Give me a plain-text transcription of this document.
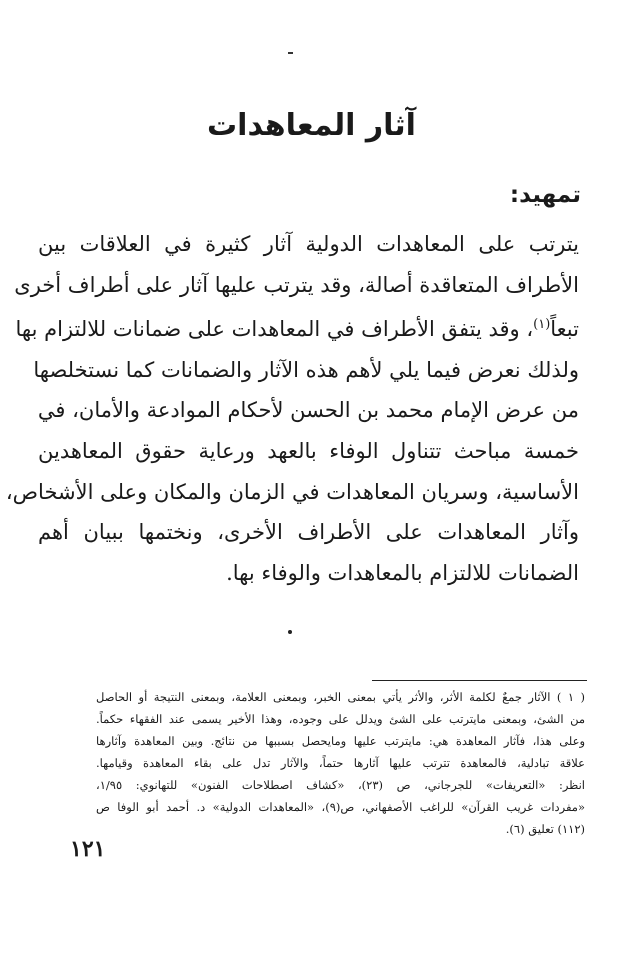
آثار المعاهدات
تمهيد:
يترتب على المعاهدات الدولية آثار كثيرة في العلاقات بين
الأطراف المتعاقدة أصالة، وقد يترتب عليها آثار على أطراف أخرى
تبعاً$^{(١)}$، وقد يتفق الأطراف في المعاهدات على ضمانات للالتزام بها
ولذلك نعرض فيما يلي لأهم هذه الآثار والضمانات كما نستخلصها
من عرض الإمام محمد بن الحسن لأحكام الموادعة والأمان، في
خمسة مباحث تتناول الوفاء بالعهد ورعاية حقوق المعاهدين
الأساسية، وسريان المعاهدات في الزمان والمكان وعلى الأشخاص،
وآثار المعاهدات على الأطراف الأخرى، ونختمها ببيان أهم
الضمانات للالتزام بالمعاهدات والوفاء بها.
( ١ ) الآثار جمعٌ لكلمة الأثر، والأثر يأتي بمعنى الخبر، وبمعنى العلامة، وبمعنى النتيجة أو الحاصل
من الشئ، وبمعنى مايترتب على الشئ ويدلل على وجوده، وهذا الأخير يسمى عند الفقهاء حكماً.
وعلى هذا، فآثار المعاهدة هي: مايترتب عليها ومايحصل بسببها من نتائج. وبين المعاهدة وآثارها
علاقة تبادلية، فالمعاهدة تترتب عليها آثارها حتماً، والآثار تدل على بقاء المعاهدة وقيامها.
انظر: «التعريفات» للجرجاني، ص (٢٣)، «كشاف اصطلاحات الفنون» للتهانوي: ١/٩٥،
«مفردات غريب القرآن» للراغب الأصفهاني، ص(٩)، «المعاهدات الدولية» د. أحمد أبو الوفا ص
(١١٢) تعليق (٦).
١٢١
